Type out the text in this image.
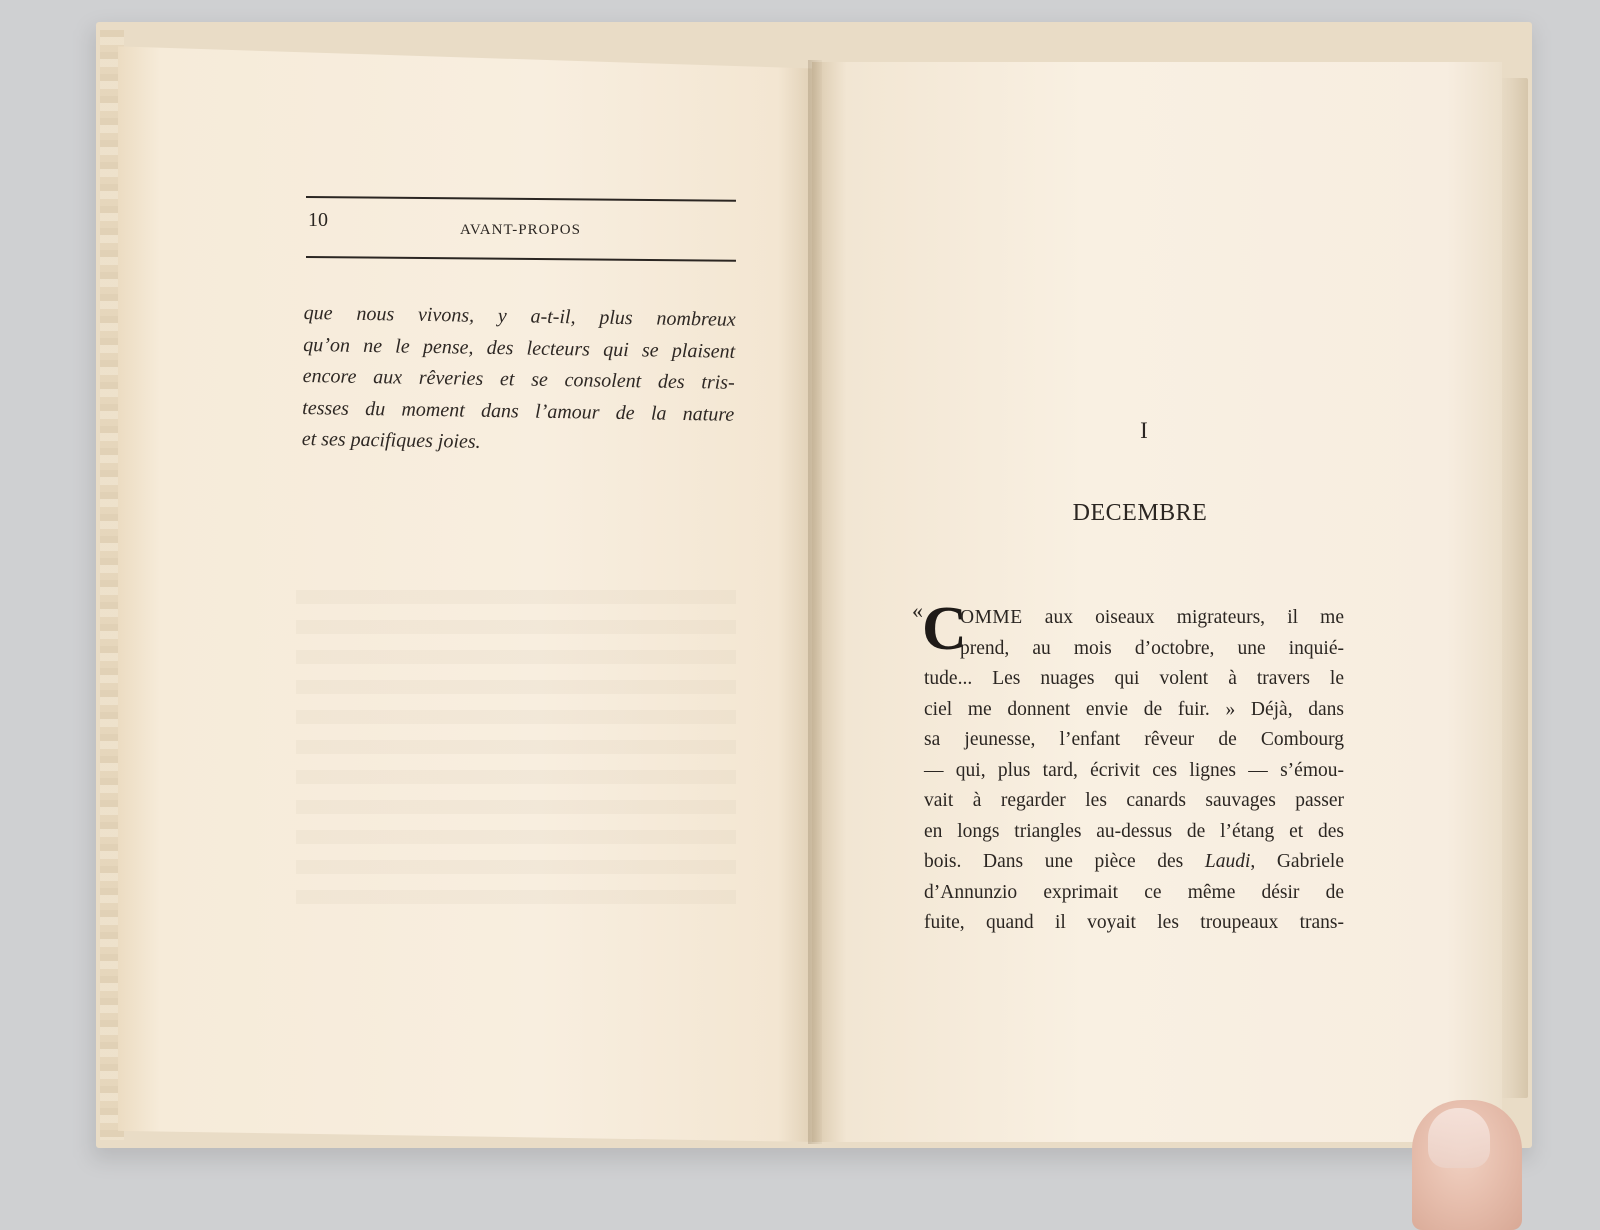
10	AVANT-PROPOS
que nous vivons, y a-t-il, plus nombreux
qu’on ne le pense, des lecteurs qui se plaisent
encore aux rêveries et se consolent des tris-
tesses du moment dans l’amour de la nature
et ses pacifiques joies.	I
DECEMBRE
« C
OMME aux oiseaux migrateurs, il me
prend, au mois d’octobre, une inquié-
tude... Les nuages qui volent à travers le
ciel me donnent envie de fuir. » Déjà, dans
sa jeunesse, l’enfant rêveur de Combourg
— qui, plus tard, écrivit ces lignes — s’émou-
vait à regarder les canards sauvages passer
en longs triangles au-dessus de l’étang et des
bois. Dans une pièce des Laudi, Gabriele
d’Annunzio exprimait ce même désir de
fuite, quand il voyait les troupeaux trans-
